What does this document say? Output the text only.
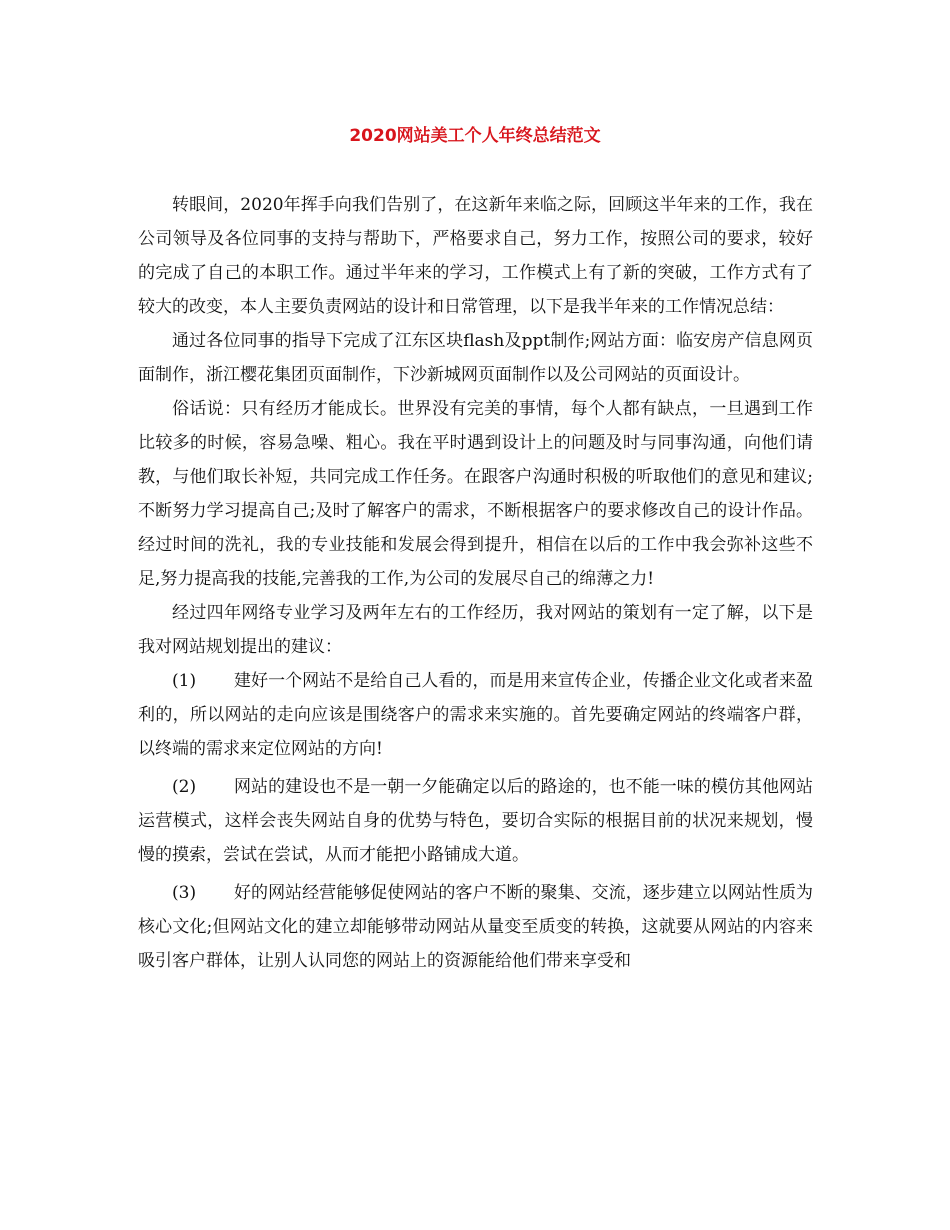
2020网站美工个人年终总结范文

转眼间，2020年挥手向我们告别了，在这新年来临之际，回顾这半年来的工作，我在公司领导及各位同事的支持与帮助下，严格要求自己，努力工作，按照公司的要求，较好的完成了自己的本职工作。通过半年来的学习，工作模式上有了新的突破，工作方式有了较大的改变，本人主要负责网站的设计和日常管理，以下是我半年来的工作情况总结：

通过各位同事的指导下完成了江东区块flash及ppt制作;网站方面：临安房产信息网页面制作，浙江樱花集团页面制作，下沙新城网页面制作以及公司网站的页面设计。

俗话说：只有经历才能成长。世界没有完美的事情，每个人都有缺点，一旦遇到工作比较多的时候，容易急噪、粗心。我在平时遇到设计上的问题及时与同事沟通，向他们请教，与他们取长补短，共同完成工作任务。在跟客户沟通时积极的听取他们的意见和建议;不断努力学习提高自己;及时了解客户的需求，不断根据客户的要求修改自己的设计作品。经过时间的洗礼，我的专业技能和发展会得到提升，相信在以后的工作中我会弥补这些不足,努力提高我的技能,完善我的工作,为公司的发展尽自己的绵薄之力!

经过四年网络专业学习及两年左右的工作经历，我对网站的策划有一定了解，以下是我对网站规划提出的建议：

(1) 建好一个网站不是给自己人看的，而是用来宣传企业，传播企业文化或者来盈利的，所以网站的走向应该是围绕客户的需求来实施的。首先要确定网站的终端客户群，以终端的需求来定位网站的方向!

(2) 网站的建设也不是一朝一夕能确定以后的路途的，也不能一味的模仿其他网站运营模式，这样会丧失网站自身的优势与特色，要切合实际的根据目前的状况来规划，慢慢的摸索，尝试在尝试，从而才能把小路铺成大道。

(3) 好的网站经营能够促使网站的客户不断的聚集、交流，逐步建立以网站性质为核心文化;但网站文化的建立却能够带动网站从量变至质变的转换，这就要从网站的内容来吸引客户群体，让别人认同您的网站上的资源能给他们带来享受和
